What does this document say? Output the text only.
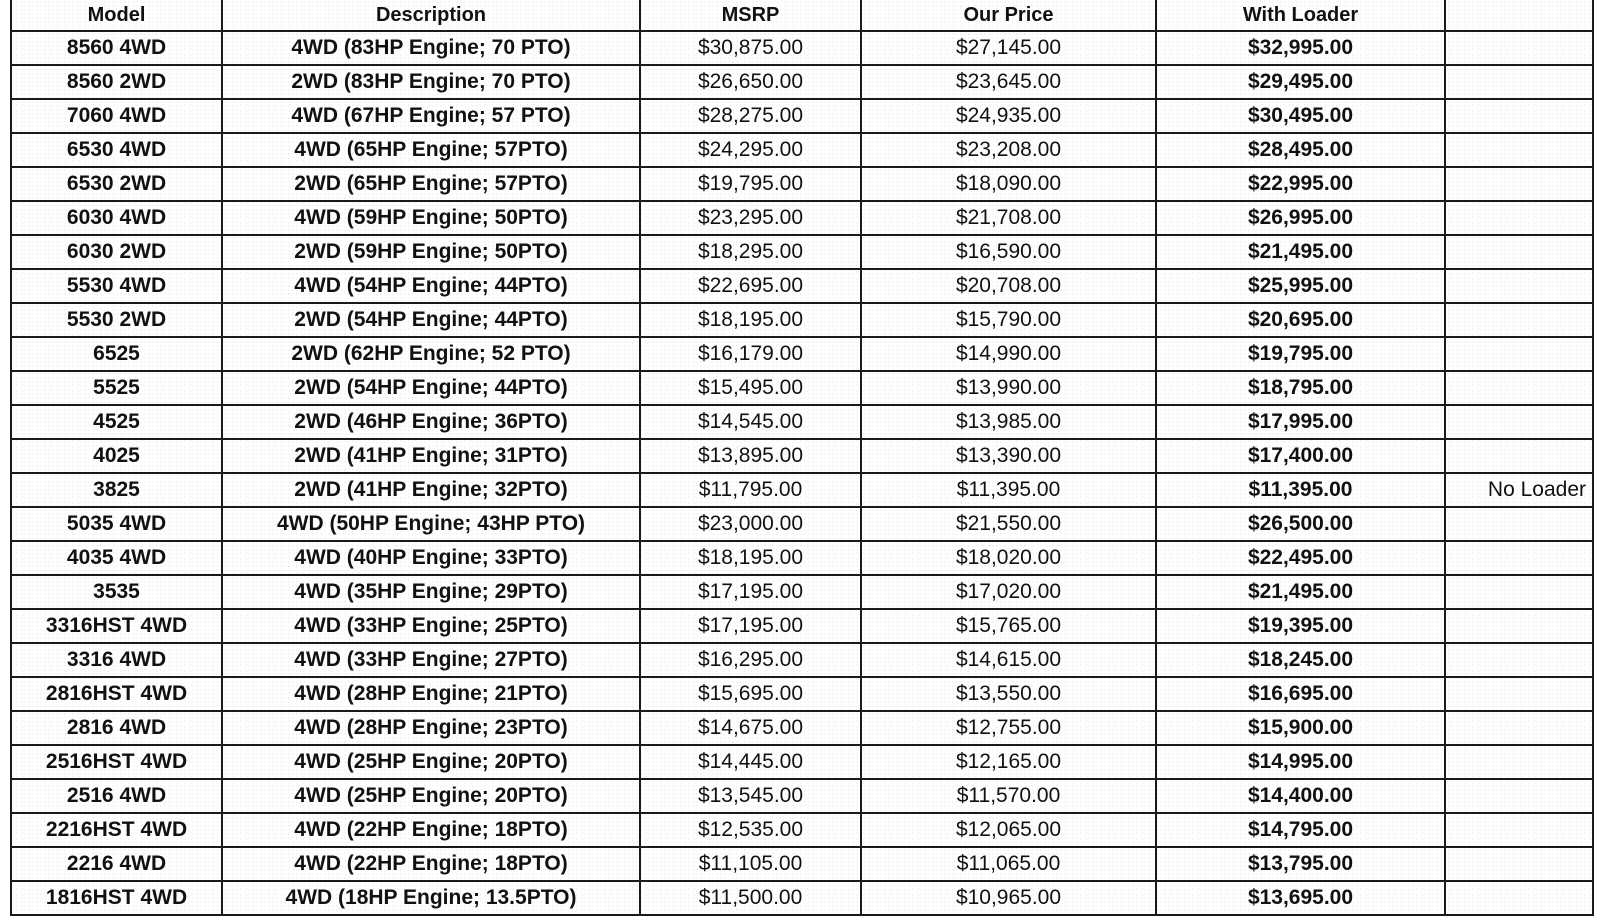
Model	Description	MSRP	Our Price	With Loader	
8560 4WD	4WD (83HP Engine; 70 PTO)	$30,875.00	$27,145.00	$32,995.00	
8560 2WD	2WD (83HP Engine; 70 PTO)	$26,650.00	$23,645.00	$29,495.00	
7060 4WD	4WD (67HP Engine; 57 PTO)	$28,275.00	$24,935.00	$30,495.00	
6530 4WD	4WD (65HP Engine; 57PTO)	$24,295.00	$23,208.00	$28,495.00	
6530 2WD	2WD (65HP Engine; 57PTO)	$19,795.00	$18,090.00	$22,995.00	
6030 4WD	4WD (59HP Engine; 50PTO)	$23,295.00	$21,708.00	$26,995.00	
6030 2WD	2WD (59HP Engine; 50PTO)	$18,295.00	$16,590.00	$21,495.00	
5530 4WD	4WD (54HP Engine; 44PTO)	$22,695.00	$20,708.00	$25,995.00	
5530 2WD	2WD (54HP Engine; 44PTO)	$18,195.00	$15,790.00	$20,695.00	
6525	2WD (62HP Engine; 52 PTO)	$16,179.00	$14,990.00	$19,795.00	
5525	2WD (54HP Engine; 44PTO)	$15,495.00	$13,990.00	$18,795.00	
4525	2WD (46HP Engine; 36PTO)	$14,545.00	$13,985.00	$17,995.00	
4025	2WD (41HP Engine; 31PTO)	$13,895.00	$13,390.00	$17,400.00	
3825	2WD (41HP Engine; 32PTO)	$11,795.00	$11,395.00	$11,395.00	No Loader
5035 4WD	4WD (50HP Engine; 43HP PTO)	$23,000.00	$21,550.00	$26,500.00	
4035 4WD	4WD (40HP Engine; 33PTO)	$18,195.00	$18,020.00	$22,495.00	
3535	4WD (35HP Engine; 29PTO)	$17,195.00	$17,020.00	$21,495.00	
3316HST 4WD	4WD (33HP Engine; 25PTO)	$17,195.00	$15,765.00	$19,395.00	
3316 4WD	4WD (33HP Engine; 27PTO)	$16,295.00	$14,615.00	$18,245.00	
2816HST 4WD	4WD (28HP Engine; 21PTO)	$15,695.00	$13,550.00	$16,695.00	
2816 4WD	4WD (28HP Engine; 23PTO)	$14,675.00	$12,755.00	$15,900.00	
2516HST 4WD	4WD (25HP Engine; 20PTO)	$14,445.00	$12,165.00	$14,995.00	
2516 4WD	4WD (25HP Engine; 20PTO)	$13,545.00	$11,570.00	$14,400.00	
2216HST 4WD	4WD (22HP Engine; 18PTO)	$12,535.00	$12,065.00	$14,795.00	
2216 4WD	4WD (22HP Engine; 18PTO)	$11,105.00	$11,065.00	$13,795.00	
1816HST 4WD	4WD (18HP Engine; 13.5PTO)	$11,500.00	$10,965.00	$13,695.00	
